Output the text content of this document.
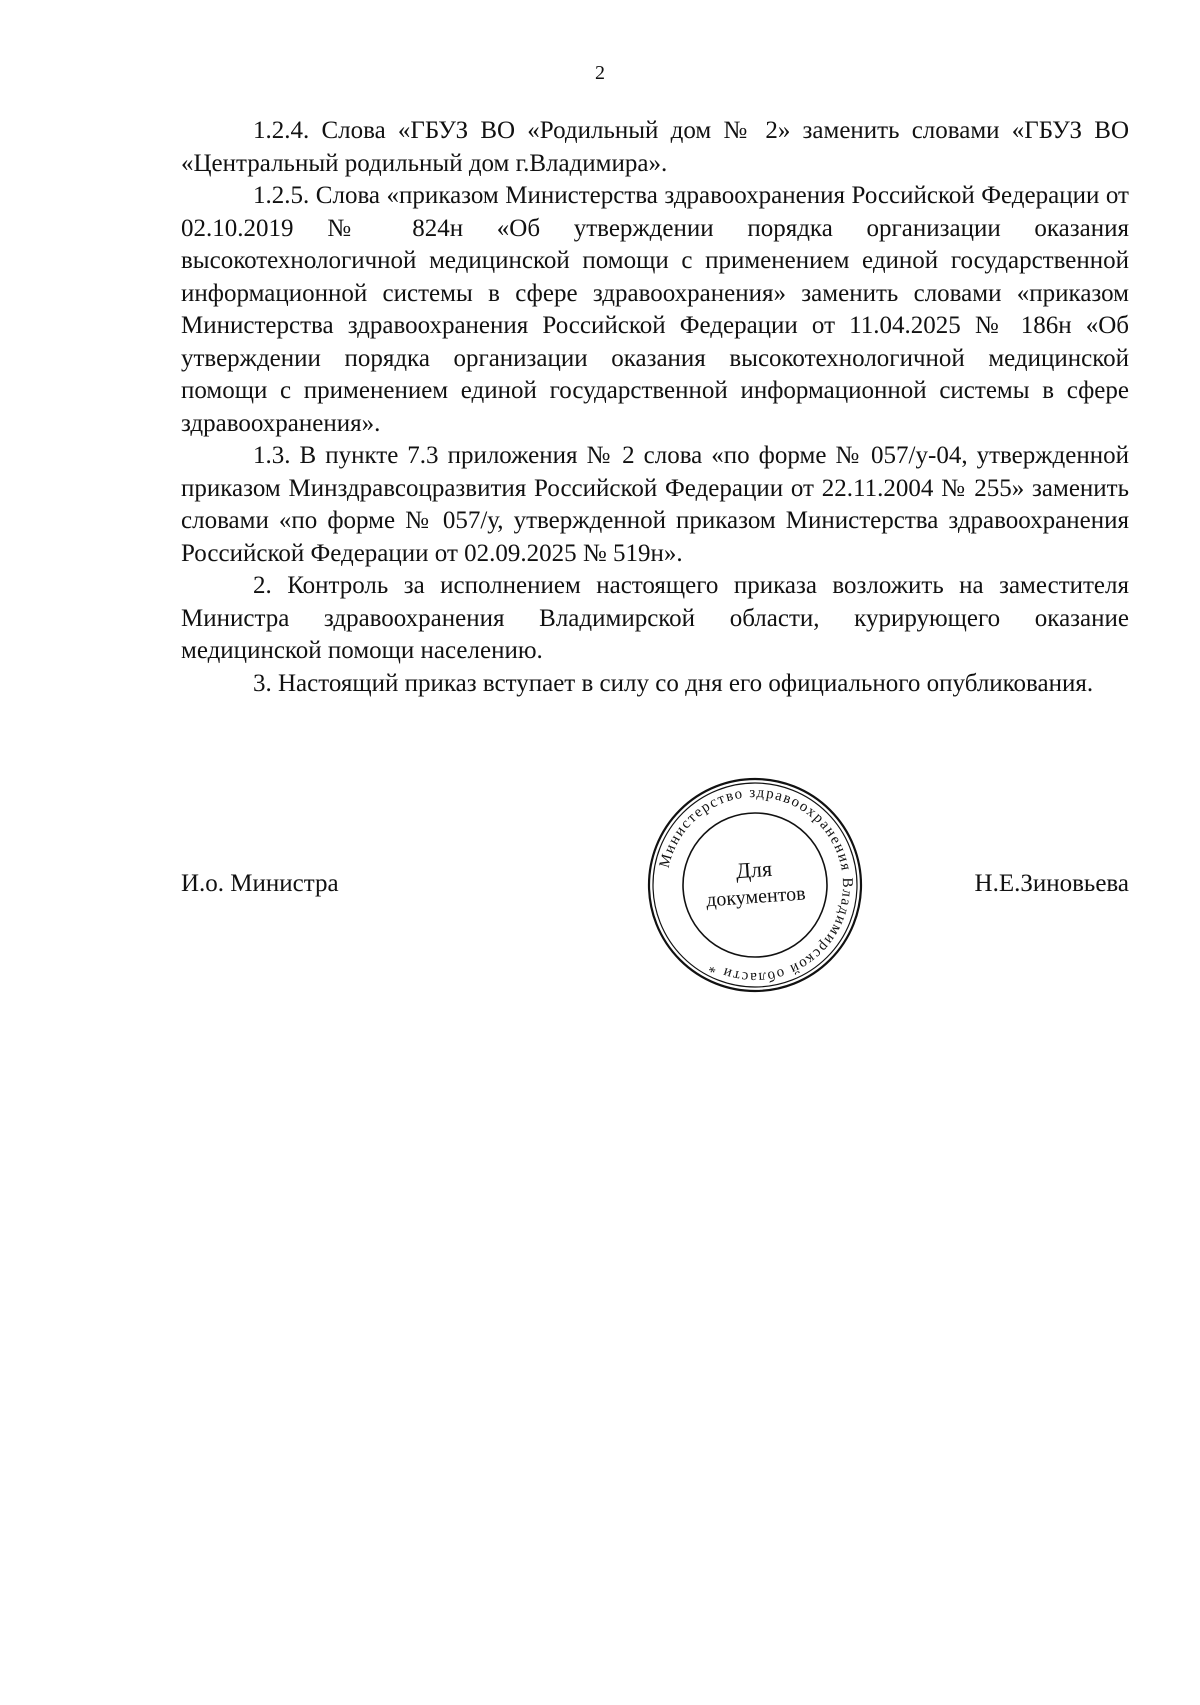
2

1.2.4. Слова «ГБУЗ ВО «Родильный дом № 2» заменить словами «ГБУЗ ВО «Центральный родильный дом г.Владимира».

1.2.5. Слова «приказом Министерства здравоохранения Российской Федерации от 02.10.2019 № 824н «Об утверждении порядка организации оказания высокотехнологичной медицинской помощи с применением единой государственной информационной системы в сфере здравоохранения» заменить словами «приказом Министерства здравоохранения Российской Федерации от 11.04.2025 № 186н «Об утверждении порядка организации оказания высокотехнологичной медицинской помощи с применением единой государственной информационной системы в сфере здравоохранения».

1.3. В пункте 7.3 приложения № 2 слова «по форме № 057/у-04, утвержденной приказом Минздравсоцразвития Российской Федерации от 22.11.2004 № 255» заменить словами «по форме № 057/у, утвержденной приказом Министерства здравоохранения Российской Федерации от 02.09.2025 № 519н».

2. Контроль за исполнением настоящего приказа возложить на заместителя Министра здравоохранения Владимирской области, курирующего оказание медицинской помощи населению.

3. Настоящий приказ вступает в силу со дня его официального опубликования.

И.о. Министра	Н.Е.Зиновьева
Министерство здравоохранения Владимирской области *
Для
документов
